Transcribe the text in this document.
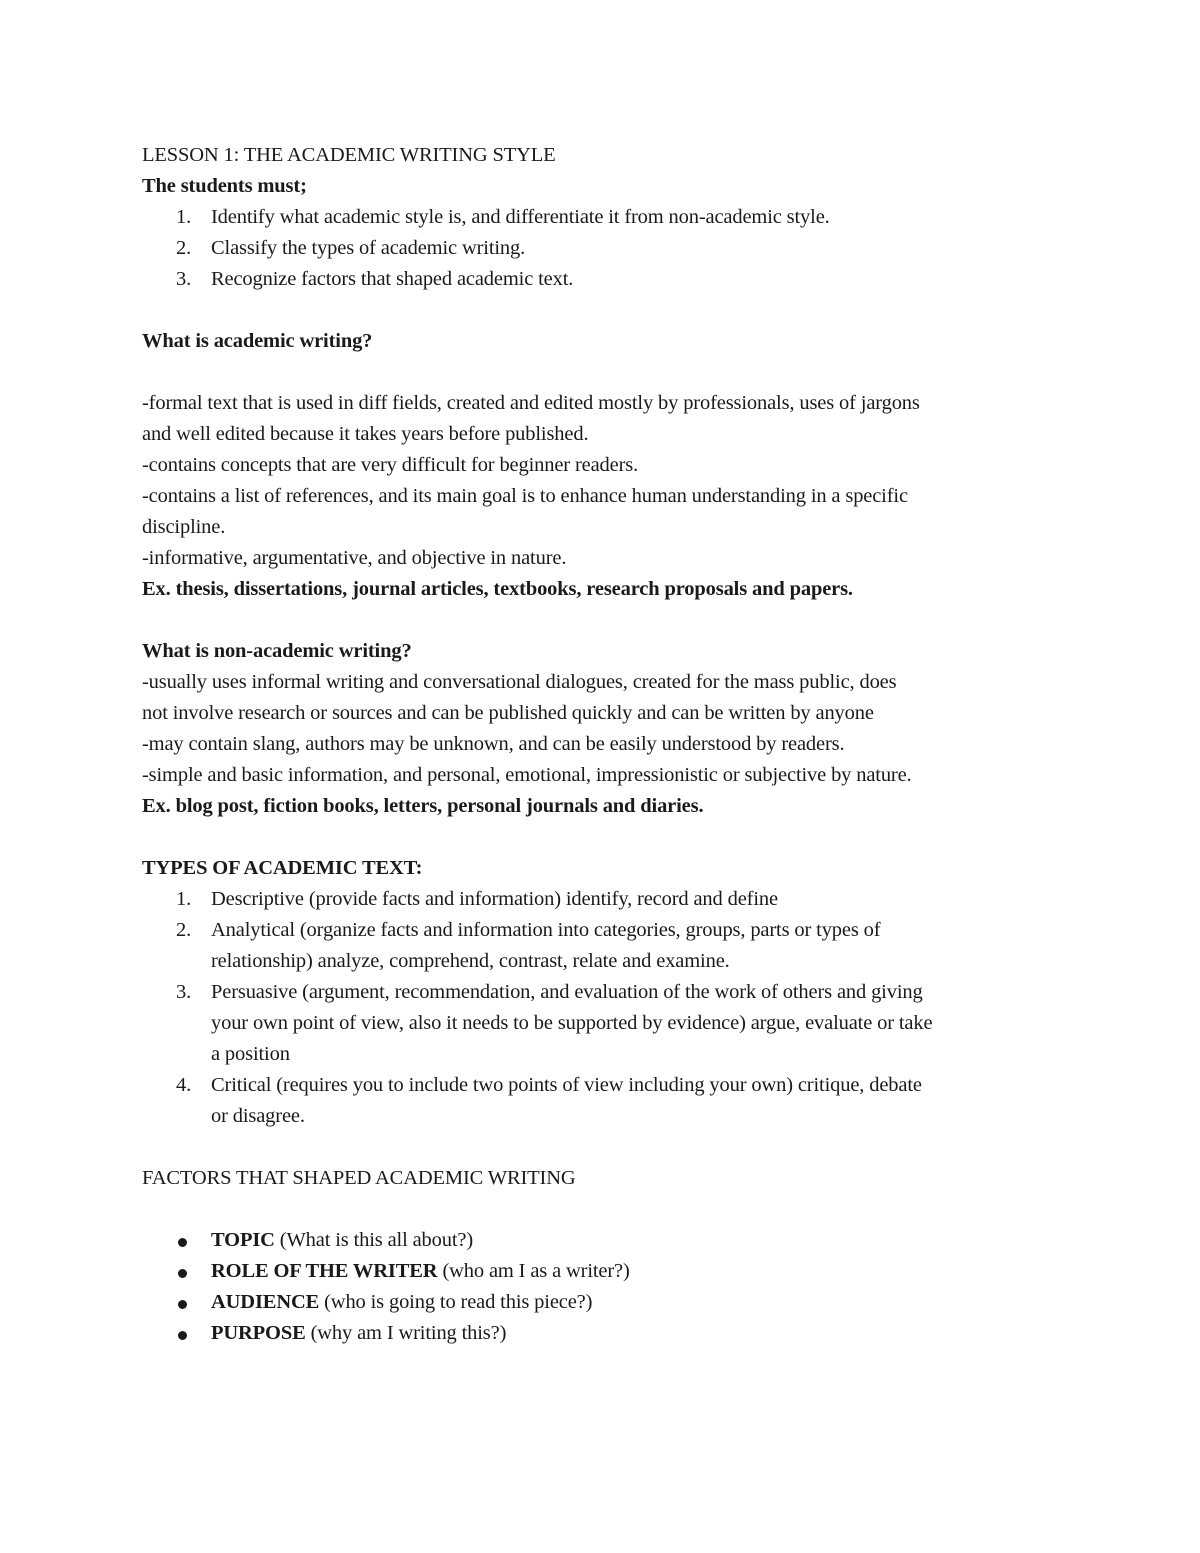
LESSON 1: THE ACADEMIC WRITING STYLE

The students must;

1. Identify what academic style is, and differentiate it from non-academic style.
2. Classify the types of academic writing.
3. Recognize factors that shaped academic text.

What is academic writing?

-formal text that is used in diff fields, created and edited mostly by professionals, uses of jargons

and well edited because it takes years before published.

-contains concepts that are very difficult for beginner readers.

-contains a list of references, and its main goal is to enhance human understanding in a specific

discipline.

-informative, argumentative, and objective in nature.

Ex. thesis, dissertations, journal articles, textbooks, research proposals and papers.

What is non-academic writing?

-usually uses informal writing and conversational dialogues, created for the mass public, does

not involve research or sources and can be published quickly and can be written by anyone

-may contain slang, authors may be unknown, and can be easily understood by readers.

-simple and basic information, and personal, emotional, impressionistic or subjective by nature.

Ex. blog post, fiction books, letters, personal journals and diaries.

TYPES OF ACADEMIC TEXT:

1. Descriptive (provide facts and information) identify, record and define
2. Analytical (organize facts and information into categories, groups, parts or types of
relationship) analyze, comprehend, contrast, relate and examine.
3. Persuasive (argument, recommendation, and evaluation of the work of others and giving
your own point of view, also it needs to be supported by evidence) argue, evaluate or take
a position
4. Critical (requires you to include two points of view including your own) critique, debate
or disagree.

FACTORS THAT SHAPED ACADEMIC WRITING

TOPIC (What is this all about?)
ROLE OF THE WRITER (who am I as a writer?)
AUDIENCE (who is going to read this piece?)
PURPOSE (why am I writing this?)
